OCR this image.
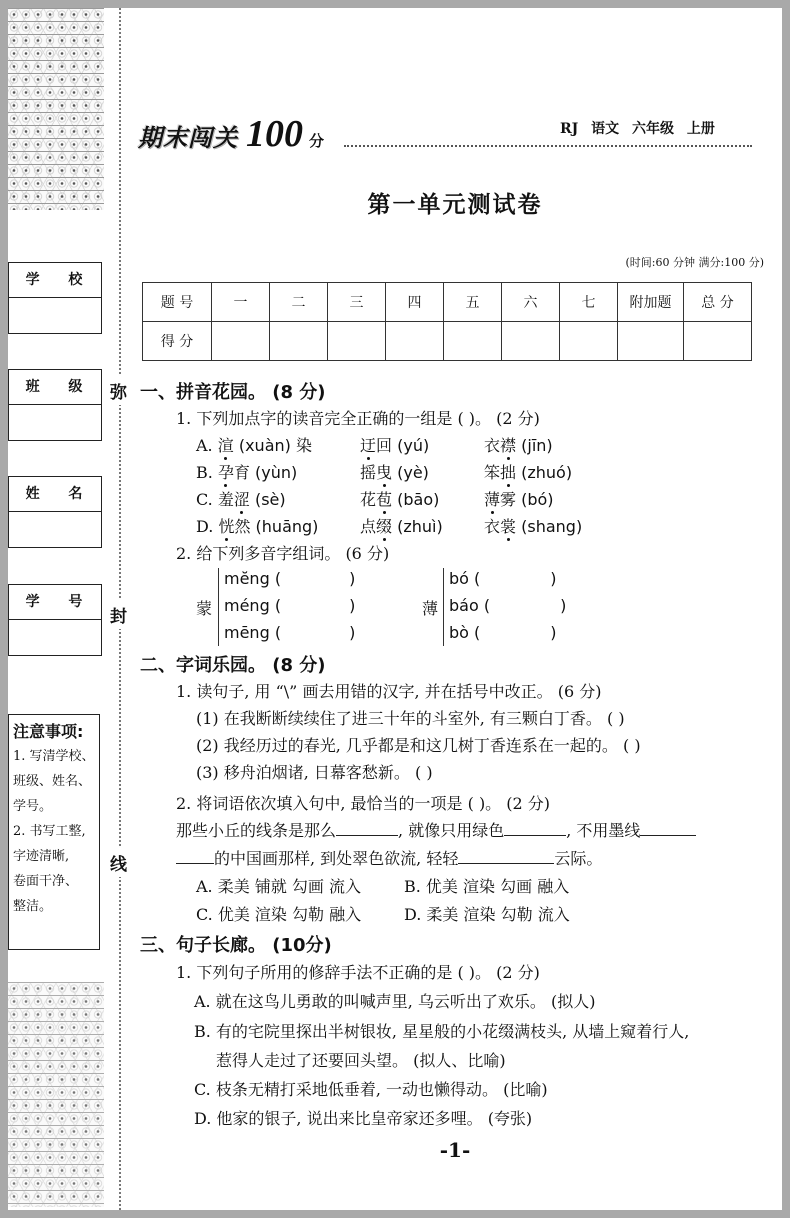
学 校
班 级
姓 名
学 号
弥
封
线
注意事项:
1. 写清学校、
班级、姓名、
学号。
2. 书写工整,
字迹清晰,
卷面干净、
整洁。
期末闯关 100 分
RJ 语文 六年级 上册
第一单元测试卷
(时间:60 分钟 满分:100 分)
题 号	一	二	三	四	五	六	七	附加题	总 分
得 分									
一、拼音花园。 (8 分)
1. 下列加点字的读音完全正确的一组是 ( )。 (2 分)
A. 渲 (xuàn) 染	迂回 (yú)	衣襟 (jīn)
B. 孕育 (yùn)	摇曳 (yè)	笨拙 (zhuó)
C. 羞涩 (sè)	花苞 (bāo)	薄雾 (bó)
D. 恍然 (huāng)	点缀 (zhuì)	衣裳 (shang)
2. 给下列多音字组词。 (6 分)
蒙
mĕng (	)
méng (	)
mēng (	)
薄
bó (	)
báo (	)
bò (	)
二、字词乐园。 (8 分)
1. 读句子, 用 “\” 画去用错的汉字, 并在括号中改正。 (6 分)
(1) 在我断断续续住了进三十年的斗室外, 有三颗白丁香。 ( )
(2) 我经历过的春光, 几乎都是和这几树丁香连系在一起的。 ( )
(3) 移舟泊烟诸, 日幕客愁新。 ( )
2. 将词语依次填入句中, 最恰当的一项是 ( )。 (2 分)
那些小丘的线条是那么	, 就像只用绿色	, 不用墨线
的中国画那样, 到处翠色欲流, 轻轻	云际。
A. 柔美 铺就 勾画 流入	B. 优美 渲染 勾画 融入
C. 优美 渲染 勾勒 融入	D. 柔美 渲染 勾勒 流入
三、句子长廊。 (10分)
1. 下列句子所用的修辞手法不正确的是 ( )。 (2 分)
A. 就在这鸟儿勇敢的叫喊声里, 乌云听出了欢乐。 (拟人)
B. 有的宅院里探出半树银妆, 星星般的小花缀满枝头, 从墙上窥着行人,
惹得人走过了还要回头望。 (拟人、比喻)
C. 枝条无精打采地低垂着, 一动也懒得动。 (比喻)
D. 他家的银子, 说出来比皇帝家还多哩。 (夸张)
-1-
